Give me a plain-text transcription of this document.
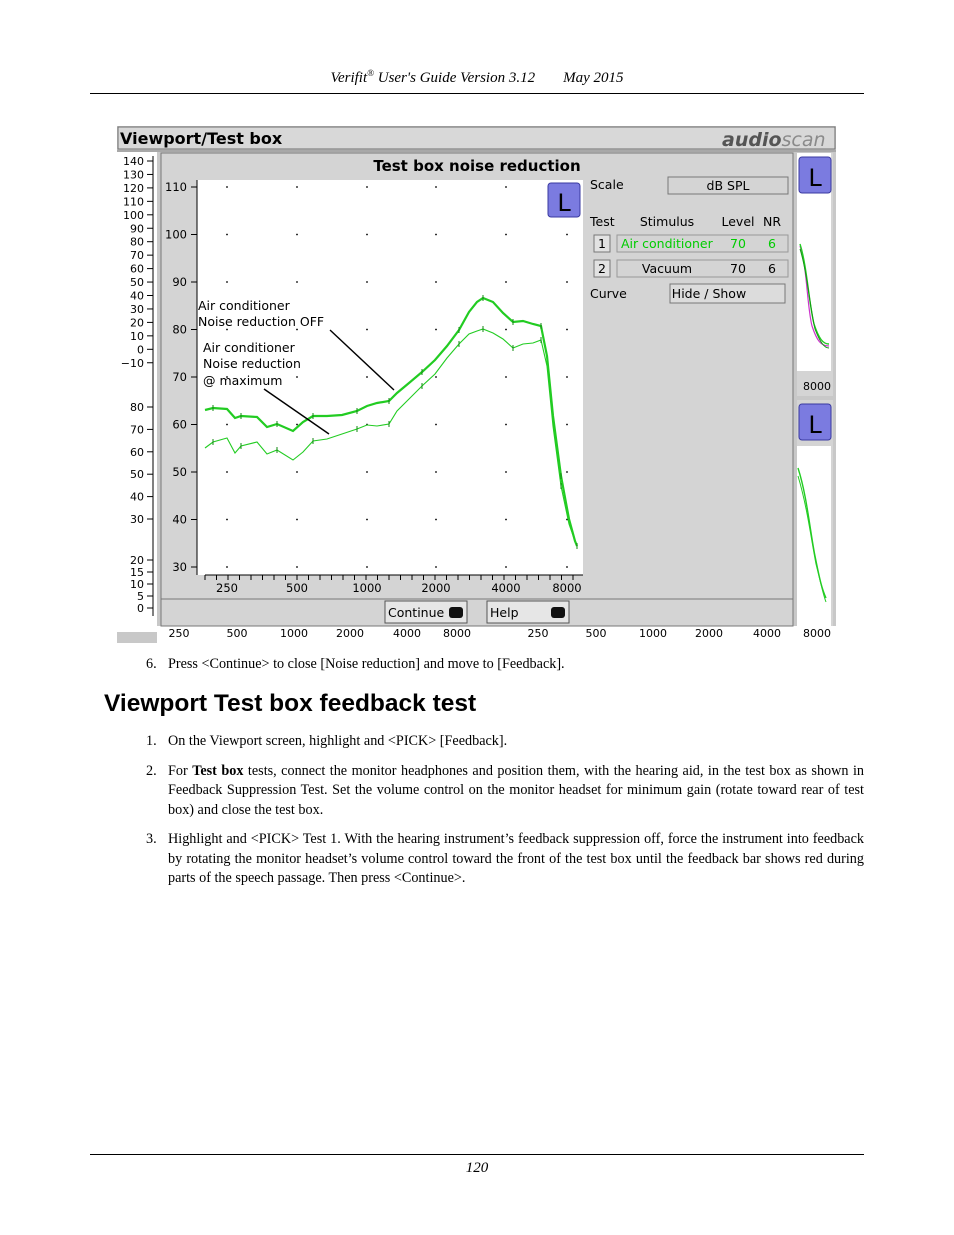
Verifit® User's Guide Version 3.12 May 2015
Viewport/Test box	audioscan
140
130
120
110
100
90
80
70
60
50
40
30
20
10
0
−10
80
70
60
50
40
30
20
15
10
5
0
250	500	1000	2000	4000 8000	250	500	1000	2000	4000
Test box noise reduction
110
100
90
80
70
60
50
40
30
250	500	1000	2000	4000	8000
Air conditioner
Noise reduction OFF
Air conditioner
Noise reduction
@ maximum
L
Scale	dB SPL
Test Stimulus Level NR
1 Air conditioner 70 6
2	Vacuum	70 6
Curve	Hide / Show
Continue	Help
L
8000
L
8000

6. Press <Continue> to close [Noise reduction] and move to [Feedback].

Viewport Test box feedback test

1. On the Viewport screen, highlight and <PICK> [Feedback].

2. For Test box tests, connect the monitor headphones and position them, with the hearing aid, in the test box as shown in Feedback Suppression Test. Set the volume control on the monitor headset for minimum gain (rotate toward rear of test box) and close the test box.

3. Highlight and <PICK> Test 1. With the hearing instrument’s feedback suppression off, force the instrument into feedback by rotating the monitor headset’s volume control toward the front of the test box until the feedback bar shows red during parts of the speech passage. Then press <Continue>.

120
